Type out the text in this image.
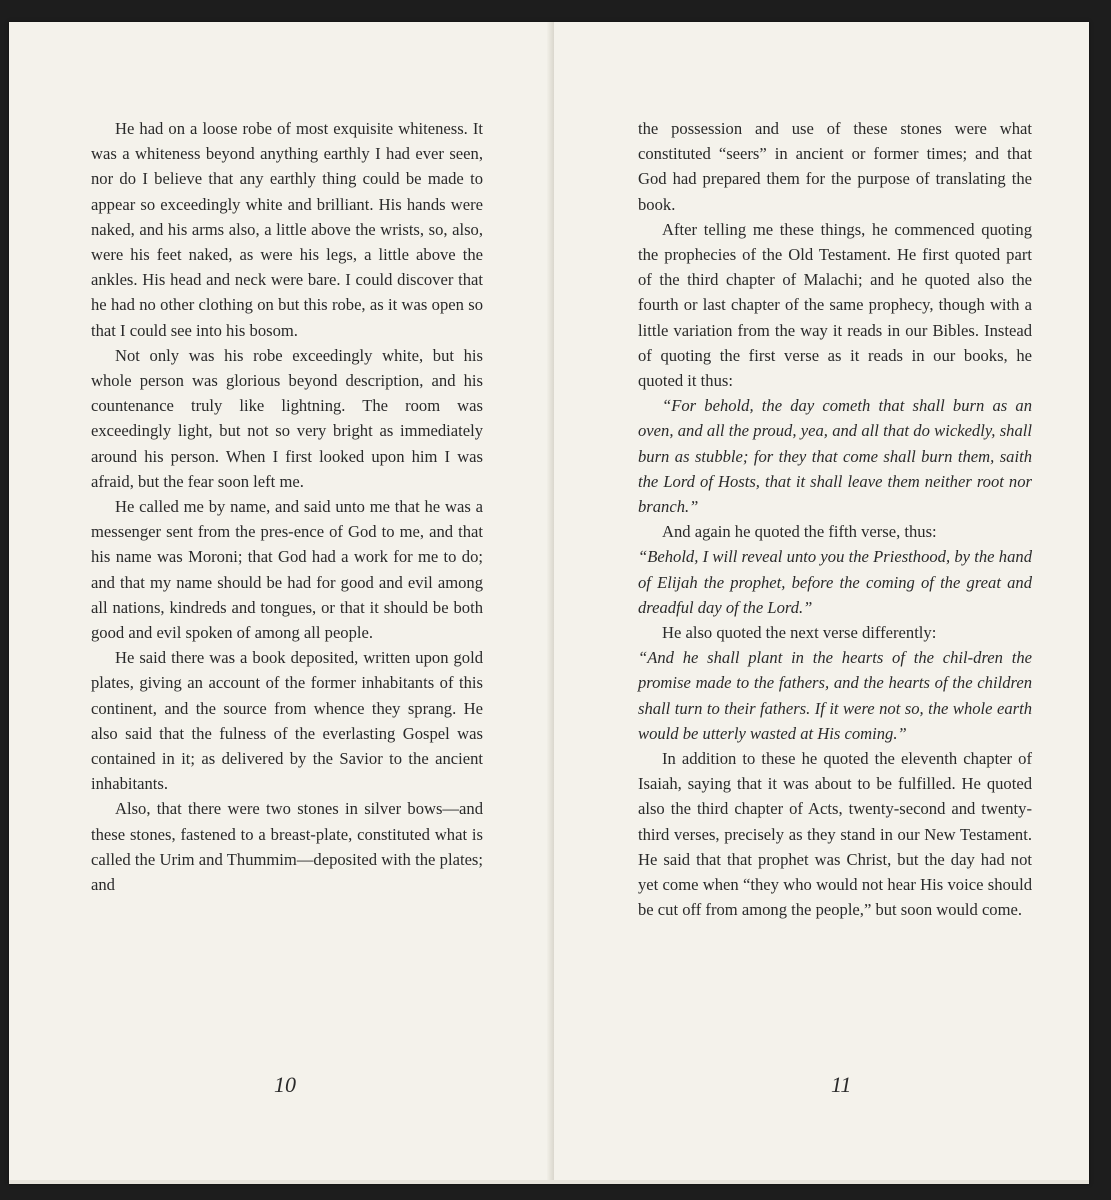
He had on a loose robe of most exquisite whiteness. It was a whiteness beyond anything earthly I had ever seen, nor do I believe that any earthly thing could be made to appear so exceedingly white and brilliant. His hands were naked, and his arms also, a little above the wrists, so, also, were his feet naked, as were his legs, a little above the ankles. His head and neck were bare. I could discover that he had no other clothing on but this robe, as it was open so that I could see into his bosom.

Not only was his robe exceedingly white, but his whole person was glorious beyond description, and his countenance truly like lightning. The room was exceedingly light, but not so very bright as immediately around his person. When I first looked upon him I was afraid, but the fear soon left me.

He called me by name, and said unto me that he was a messenger sent from the pres-ence of God to me, and that his name was Moroni; that God had a work for me to do; and that my name should be had for good and evil among all nations, kindreds and tongues, or that it should be both good and evil spoken of among all people.

He said there was a book deposited, written upon gold plates, giving an account of the former inhabitants of this continent, and the source from whence they sprang. He also said that the fulness of the everlasting Gospel was contained in it; as delivered by the Savior to the ancient inhabitants.

Also, that there were two stones in silver bows—and these stones, fastened to a breast-plate, constituted what is called the Urim and Thummim—deposited with the plates; and

10

the possession and use of these stones were what constituted “seers” in ancient or former times; and that God had prepared them for the purpose of translating the book.

After telling me these things, he commenced quoting the prophecies of the Old Testament. He first quoted part of the third chapter of Malachi; and he quoted also the fourth or last chapter of the same prophecy, though with a little variation from the way it reads in our Bibles. Instead of quoting the first verse as it reads in our books, he quoted it thus:

“For behold, the day cometh that shall burn as an oven, and all the proud, yea, and all that do wickedly, shall burn as stubble; for they that come shall burn them, saith the Lord of Hosts, that it shall leave them neither root nor branch.”

And again he quoted the fifth verse, thus:

“Behold, I will reveal unto you the Priesthood, by the hand of Elijah the prophet, before the coming of the great and dreadful day of the Lord.”

He also quoted the next verse differently:

“And he shall plant in the hearts of the chil-dren the promise made to the fathers, and the hearts of the children shall turn to their fathers. If it were not so, the whole earth would be utterly wasted at His coming.”

In addition to these he quoted the eleventh chapter of Isaiah, saying that it was about to be fulfilled. He quoted also the third chapter of Acts, twenty-second and twenty-third verses, precisely as they stand in our New Testament. He said that that prophet was Christ, but the day had not yet come when “they who would not hear His voice should be cut off from among the people,” but soon would come.

11
